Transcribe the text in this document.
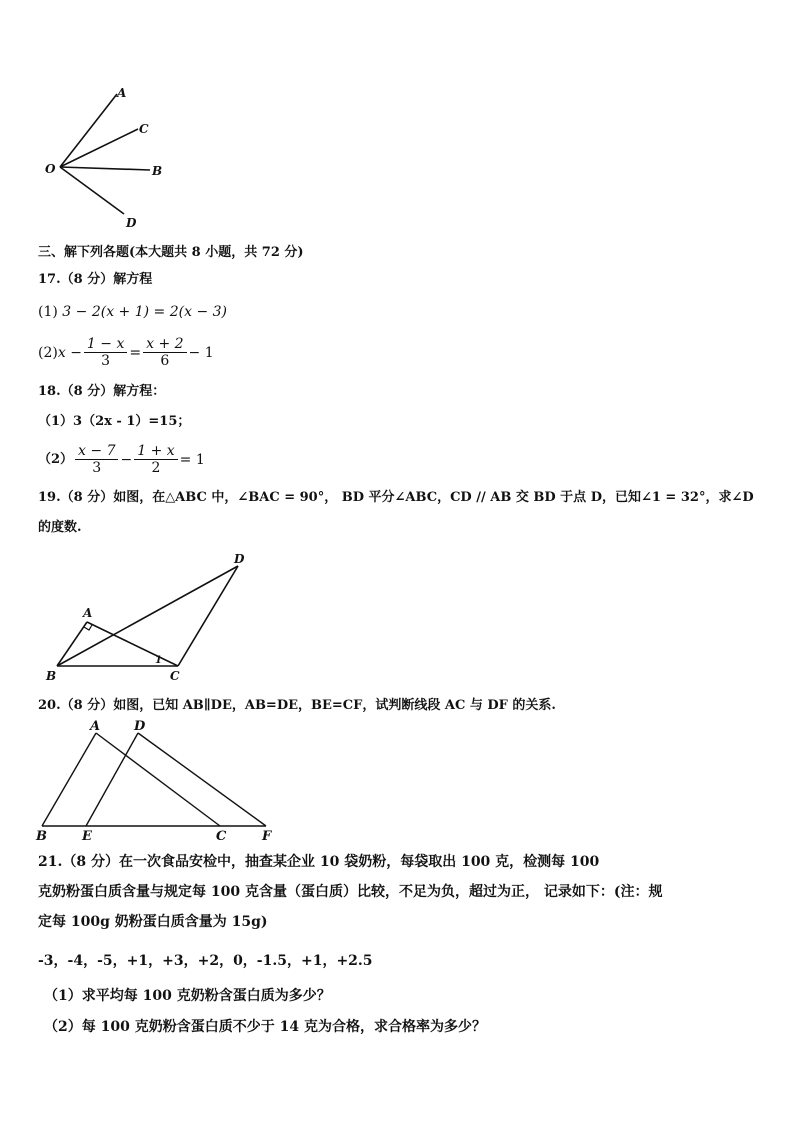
A
C
O	B
D
三、解下列各题(本大题共 8 小题，共 72 分)
17.（8 分）解方程
(1) 3 − 2(x + 1) = 2(x − 3)
(2) $x - \frac{1 - x}{3} = \frac{x + 2}{6} - 1$
18.（8 分）解方程：
（1）3（2x - 1）=15；
$(2) \frac{x - 7}{3} - \frac{1 + x}{2} = 1$
19.（8 分）如图，在△ABC 中，∠BAC = 90°， BD 平分∠ABC，CD // AB 交 BD 于点 D，已知∠1 = 32°，求∠D
的度数.
D
A
B	C
1
20.（8 分）如图，已知 AB∥DE，AB=DE，BE=CF，试判断线段 AC 与 DF 的关系.
A	D
B	E	C	F
21.（8 分）在一次食品安检中，抽查某企业 10 袋奶粉，每袋取出 100 克，检测每 100
克奶粉蛋白质含量与规定每 100 克含量（蛋白质）比较，不足为负，超过为正， 记录如下：(注：规
定每 100g 奶粉蛋白质含量为 15g)
-3，-4，-5，+1，+3，+2，0，-1.5，+1，+2.5
（1）求平均每 100 克奶粉含蛋白质为多少？
（2）每 100 克奶粉含蛋白质不少于 14 克为合格，求合格率为多少？
